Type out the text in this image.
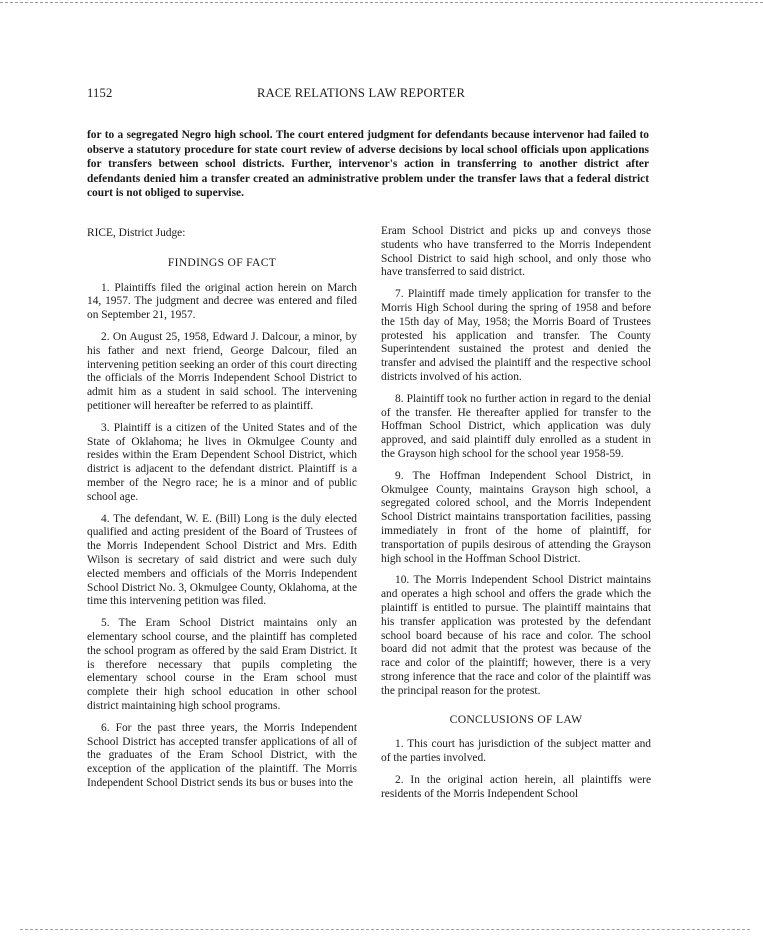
1152	RACE RELATIONS LAW REPORTER

for to a segregated Negro high school. The court entered judgment for defendants because intervenor had failed to observe a statutory procedure for state court review of adverse decisions by local school officials upon applications for transfers between school districts. Further, intervenor's action in transferring to another district after defendants denied him a transfer created an administrative problem under the transfer laws that a federal district court is not obliged to supervise.

RICE, District Judge:

FINDINGS OF FACT

1. Plaintiffs filed the original action herein on March 14, 1957. The judgment and decree was entered and filed on September 21, 1957.

2. On August 25, 1958, Edward J. Dalcour, a minor, by his father and next friend, George Dalcour, filed an intervening petition seeking an order of this court directing the officials of the Morris Independent School District to admit him as a student in said school. The intervening petitioner will hereafter be referred to as plaintiff.

3. Plaintiff is a citizen of the United States and of the State of Oklahoma; he lives in Okmulgee County and resides within the Eram Dependent School District, which district is adjacent to the defendant district. Plaintiff is a member of the Negro race; he is a minor and of public school age.

4. The defendant, W. E. (Bill) Long is the duly elected qualified and acting president of the Board of Trustees of the Morris Independent School District and Mrs. Edith Wilson is secretary of said district and were such duly elected members and officials of the Morris Independent School District No. 3, Okmulgee County, Oklahoma, at the time this intervening petition was filed.

5. The Eram School District maintains only an elementary school course, and the plaintiff has completed the school program as offered by the said Eram District. It is therefore necessary that pupils completing the elementary school course in the Eram school must complete their high school education in other school district maintaining high school programs.

6. For the past three years, the Morris Independent School District has accepted transfer applications of all of the graduates of the Eram School District, with the exception of the application of the plaintiff. The Morris Independent School District sends its bus or buses into the

Eram School District and picks up and conveys those students who have transferred to the Morris Independent School District to said high school, and only those who have transferred to said district.

7. Plaintiff made timely application for transfer to the Morris High School during the spring of 1958 and before the 15th day of May, 1958; the Morris Board of Trustees protested his application and transfer. The County Superintendent sustained the protest and denied the transfer and advised the plaintiff and the respective school districts involved of his action.

8. Plaintiff took no further action in regard to the denial of the transfer. He thereafter applied for transfer to the Hoffman School District, which application was duly approved, and said plaintiff duly enrolled as a student in the Grayson high school for the school year 1958-59.

9. The Hoffman Independent School District, in Okmulgee County, maintains Grayson high school, a segregated colored school, and the Morris Independent School District maintains transportation facilities, passing immediately in front of the home of plaintiff, for transportation of pupils desirous of attending the Grayson high school in the Hoffman School District.

10. The Morris Independent School District maintains and operates a high school and offers the grade which the plaintiff is entitled to pursue. The plaintiff maintains that his transfer application was protested by the defendant school board because of his race and color. The school board did not admit that the protest was because of the race and color of the plaintiff; however, there is a very strong inference that the race and color of the plaintiff was the principal reason for the protest.

CONCLUSIONS OF LAW

1. This court has jurisdiction of the subject matter and of the parties involved.

2. In the original action herein, all plaintiffs were residents of the Morris Independent School
